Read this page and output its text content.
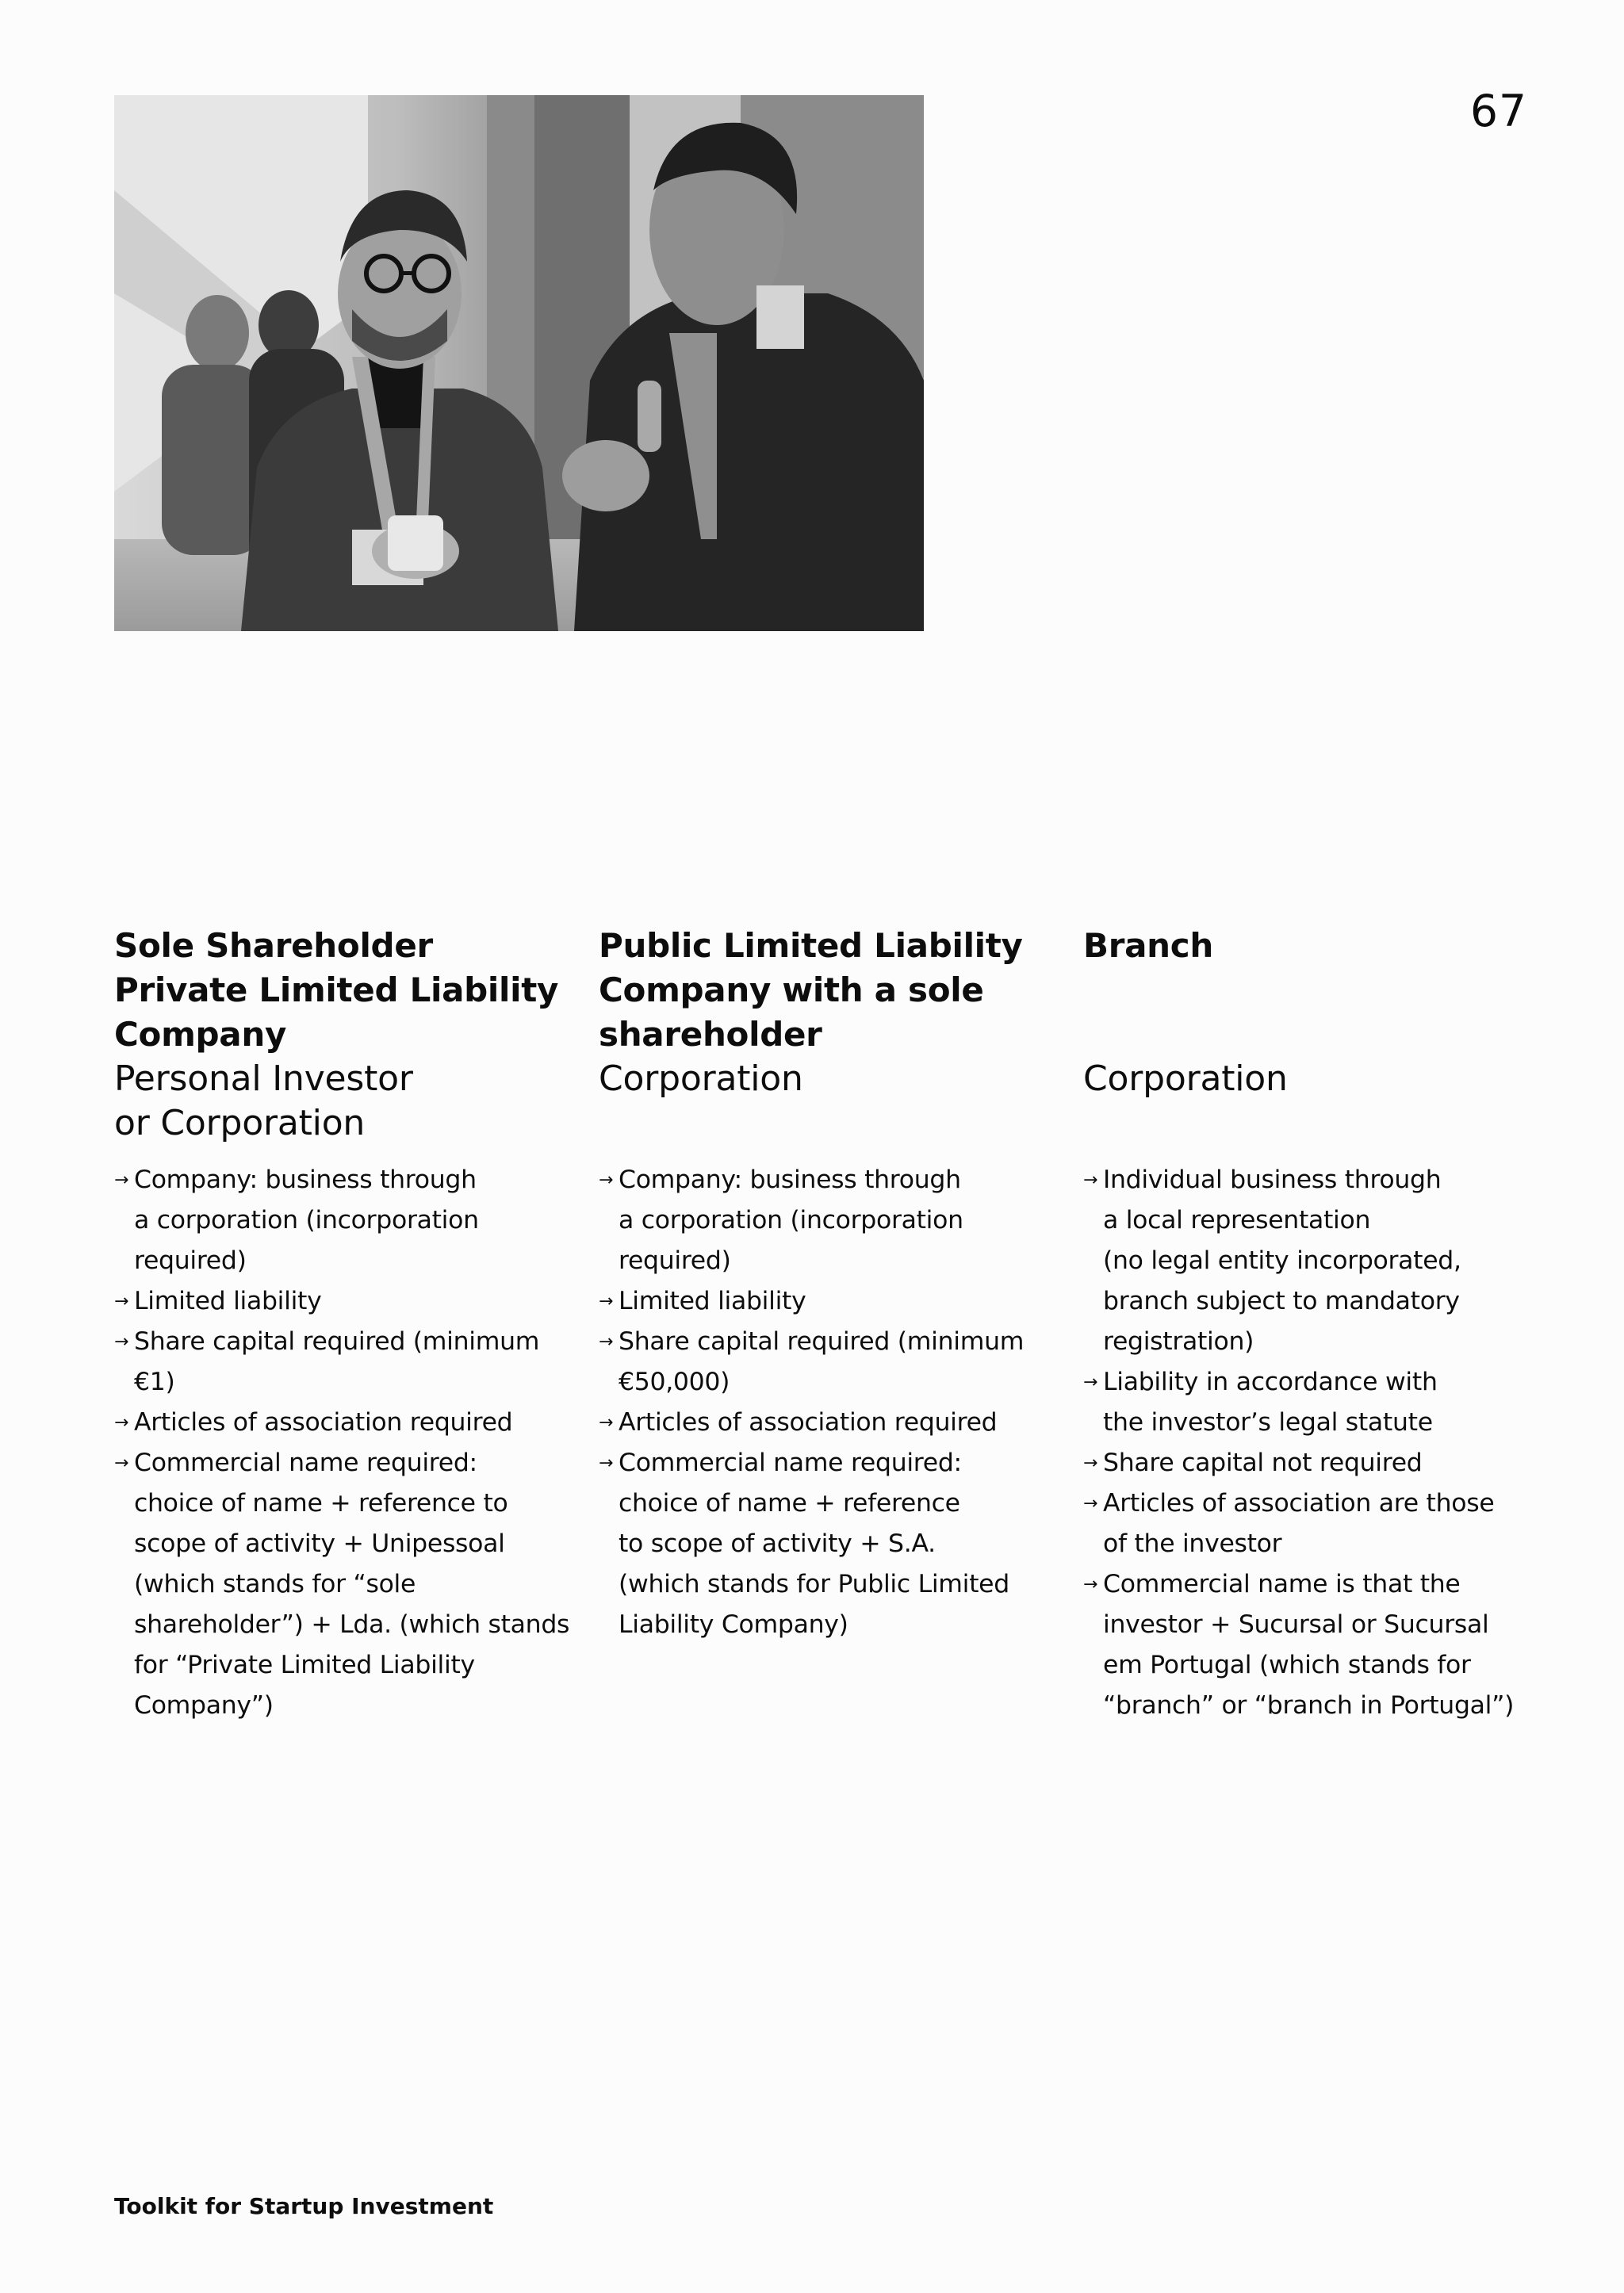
67
Sole Shareholder Private Limited Liability Company
Personal Investor
or Corporation
→ Company: business through
a corporation (incorporation
required)
→ Limited liability
→ Share capital required (minimum €1)
→ Articles of association required
→ Commercial name required:
choice of name + reference to
scope of activity + Unipessoal
(which stands for “sole
shareholder”) + Lda. (which stands
for “Private Limited Liability
Company”)
Public Limited Liability Company with a sole shareholder
Corporation
→ Company: business through
a corporation (incorporation
required)
→ Limited liability
→ Share capital required (minimum
€50,000)
→ Articles of association required
→ Commercial name required:
choice of name + reference
to scope of activity + S.A.
(which stands for Public Limited
Liability Company)
Branch
Corporation
→ Individual business through
a local representation
(no legal entity incorporated,
branch subject to mandatory
registration)
→ Liability in accordance with
the investor’s legal statute
→ Share capital not required
→ Articles of association are those
of the investor
→ Commercial name is that the
investor + Sucursal or Sucursal
em Portugal (which stands for
“branch” or “branch in Portugal”)
Toolkit for Startup Investment
